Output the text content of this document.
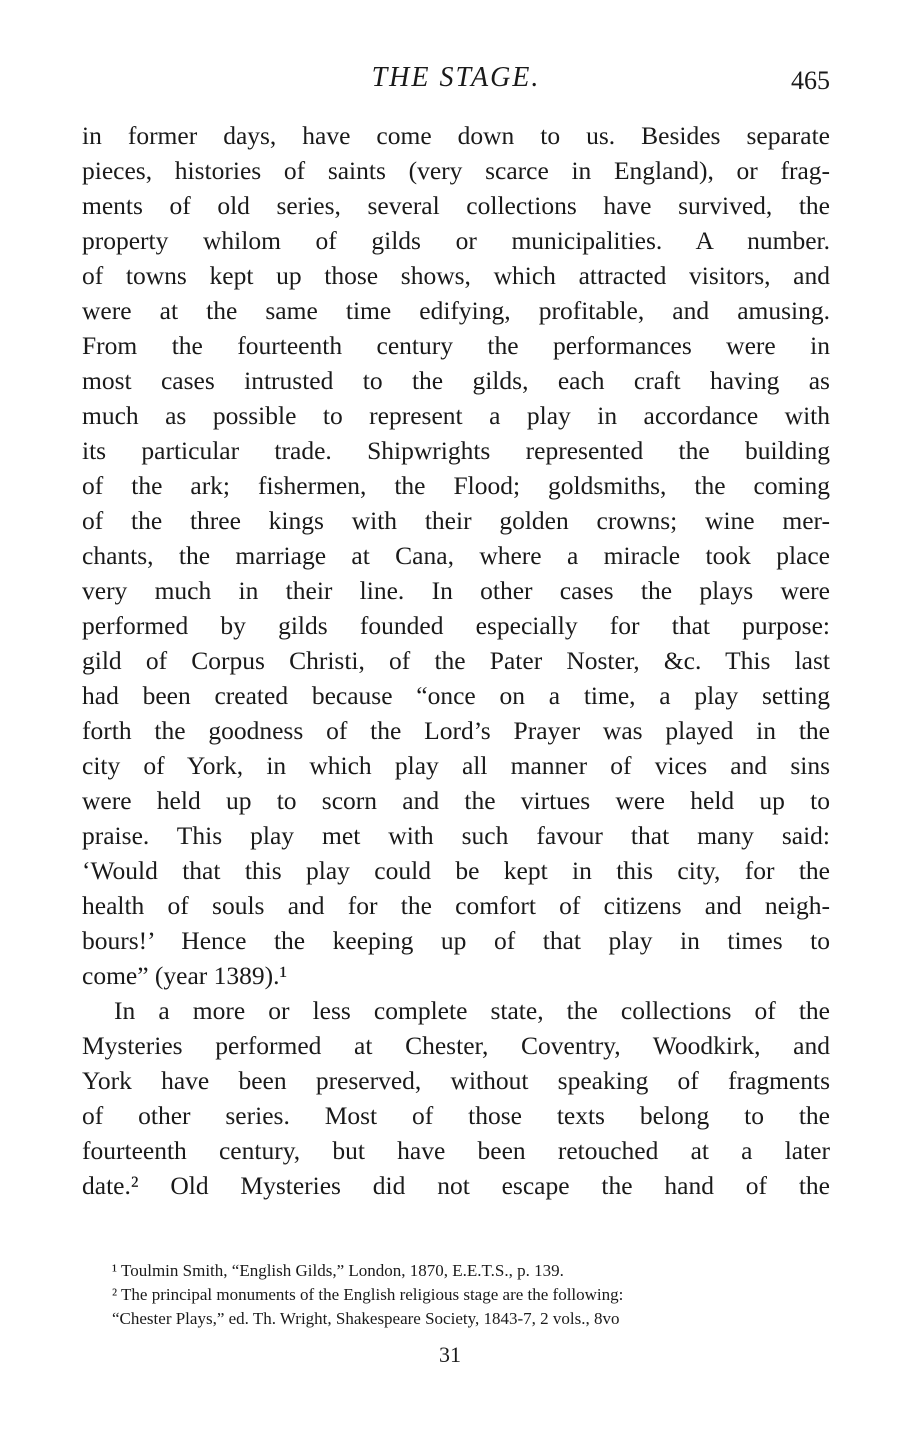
THE STAGE.	465
in former days, have come down to us. Besides separate
pieces, histories of saints (very scarce in England), or frag-
ments of old series, several collections have survived, the
property whilom of gilds or municipalities. A number.
of towns kept up those shows, which attracted visitors, and
were at the same time edifying, profitable, and amusing.
From the fourteenth century the performances were in
most cases intrusted to the gilds, each craft having as
much as possible to represent a play in accordance with
its particular trade. Shipwrights represented the building
of the ark; fishermen, the Flood; goldsmiths, the coming
of the three kings with their golden crowns; wine mer-
chants, the marriage at Cana, where a miracle took place
very much in their line. In other cases the plays were
performed by gilds founded especially for that purpose:
gild of Corpus Christi, of the Pater Noster, &c. This last
had been created because “once on a time, a play setting
forth the goodness of the Lord’s Prayer was played in the
city of York, in which play all manner of vices and sins
were held up to scorn and the virtues were held up to
praise. This play met with such favour that many said:
‘Would that this play could be kept in this city, for the
health of souls and for the comfort of citizens and neigh-
bours!’ Hence the keeping up of that play in times to
come” (year 1389).¹
In a more or less complete state, the collections of the
Mysteries performed at Chester, Coventry, Woodkirk, and
York have been preserved, without speaking of fragments
of other series. Most of those texts belong to the
fourteenth century, but have been retouched at a later
date.² Old Mysteries did not escape the hand of the
¹ Toulmin Smith, “English Gilds,” London, 1870, E.E.T.S., p. 139.
² The principal monuments of the English religious stage are the following:
“Chester Plays,” ed. Th. Wright, Shakespeare Society, 1843-7, 2 vols., 8vo
31
